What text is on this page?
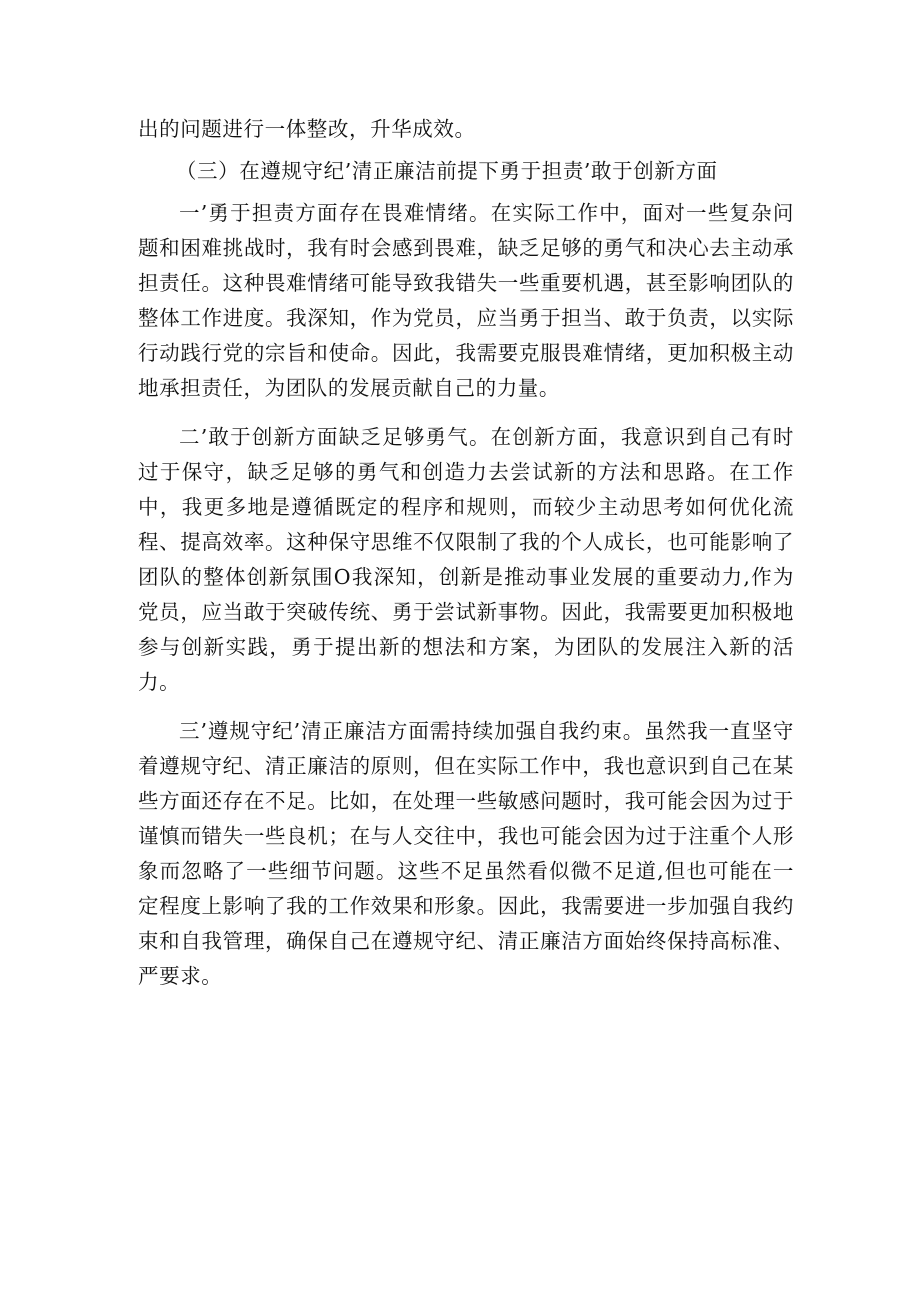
出的问题进行一体整改，升华成效。

（三）在遵规守纪’清正廉洁前提下勇于担责’敢于创新方面

一’勇于担责方面存在畏难情绪。在实际工作中，面对一些复杂问题和困难挑战时，我有时会感到畏难，缺乏足够的勇气和决心去主动承担责任。这种畏难情绪可能导致我错失一些重要机遇，甚至影响团队的整体工作进度。我深知，作为党员，应当勇于担当、敢于负责，以实际行动践行党的宗旨和使命。因此，我需要克服畏难情绪，更加积极主动地承担责任，为团队的发展贡献自己的力量。

二’敢于创新方面缺乏足够勇气。在创新方面，我意识到自己有时过于保守，缺乏足够的勇气和创造力去尝试新的方法和思路。在工作中，我更多地是遵循既定的程序和规则，而较少主动思考如何优化流程、提高效率。这种保守思维不仅限制了我的个人成长，也可能影响了团队的整体创新氛围O我深知，创新是推动事业发展的重要动力,作为党员，应当敢于突破传统、勇于尝试新事物。因此，我需要更加积极地参与创新实践，勇于提出新的想法和方案，为团队的发展注入新的活力。

三’遵规守纪’清正廉洁方面需持续加强自我约束。虽然我一直坚守着遵规守纪、清正廉洁的原则，但在实际工作中，我也意识到自己在某些方面还存在不足。比如，在处理一些敏感问题时，我可能会因为过于谨慎而错失一些良机；在与人交往中，我也可能会因为过于注重个人形象而忽略了一些细节问题。这些不足虽然看似微不足道,但也可能在一定程度上影响了我的工作效果和形象。因此，我需要进一步加强自我约束和自我管理，确保自己在遵规守纪、清正廉洁方面始终保持高标准、严要求。
